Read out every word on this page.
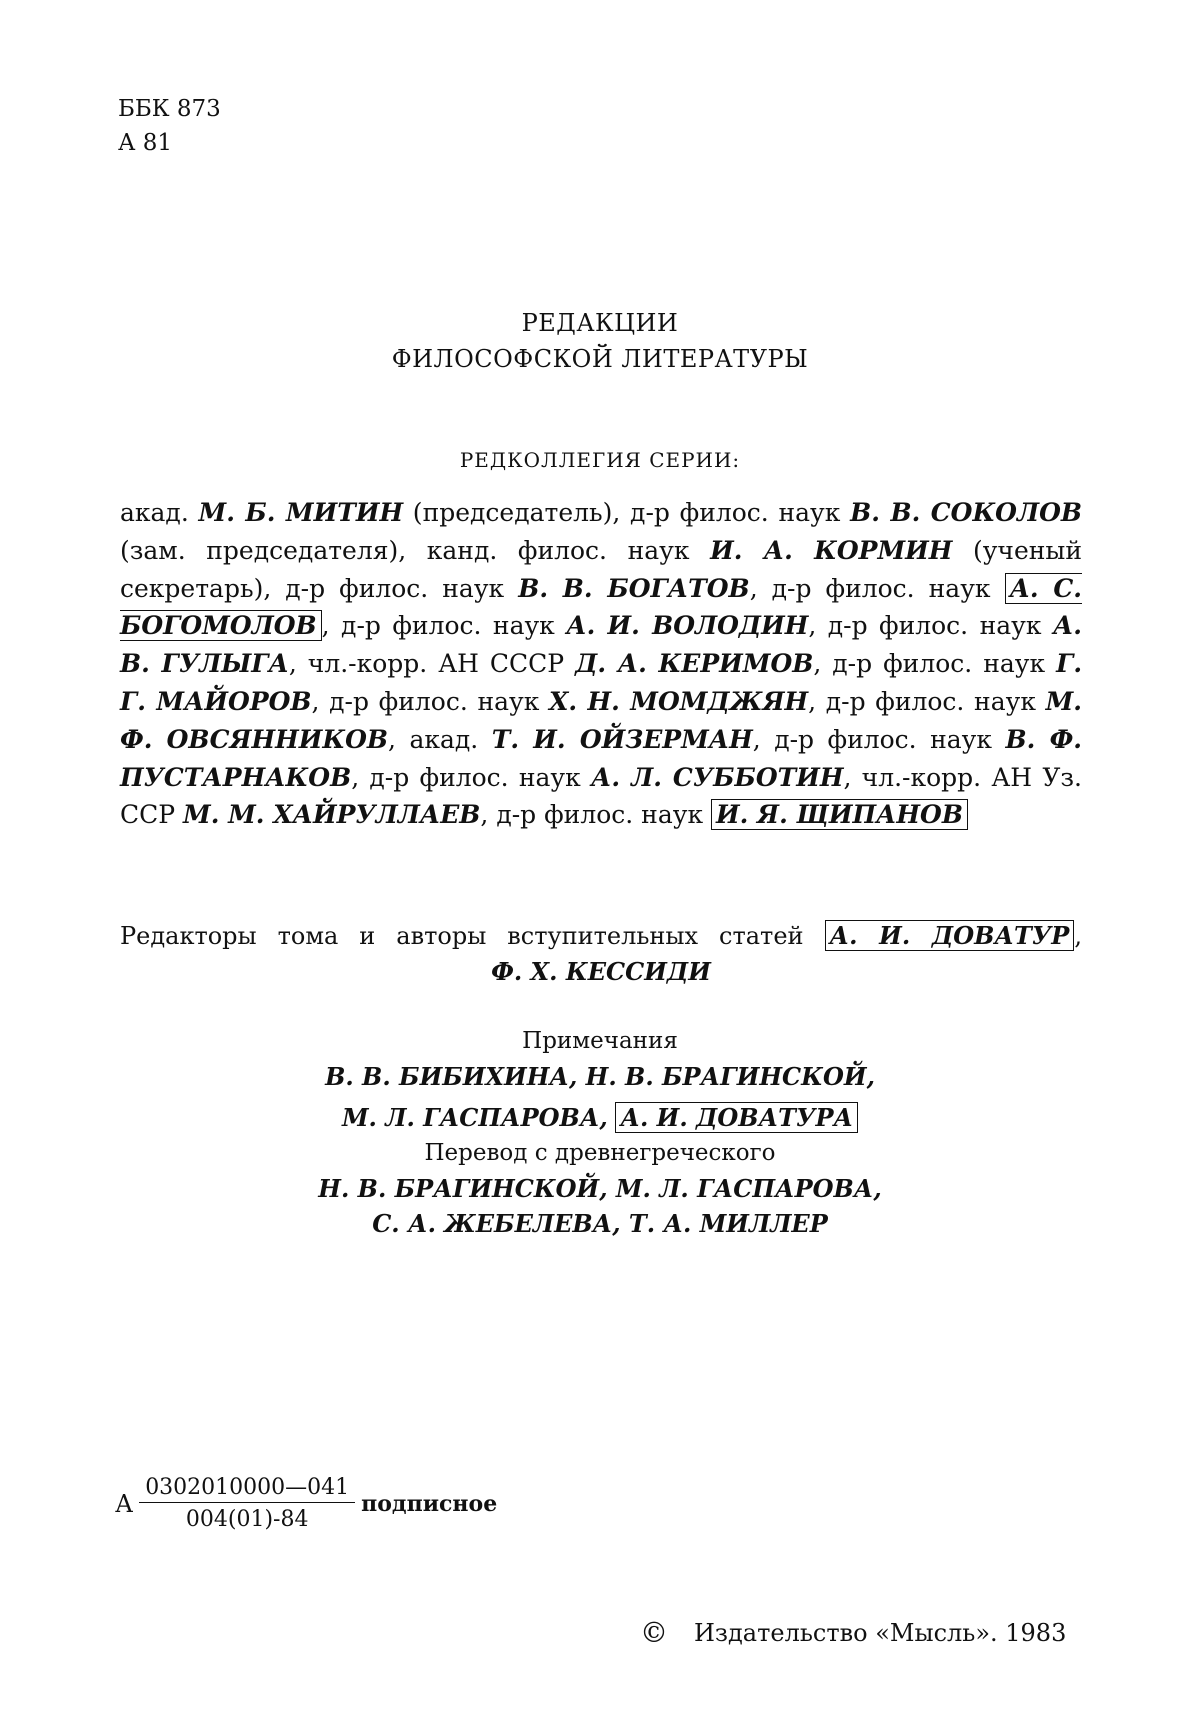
ББК 873
А 81
РЕДАКЦИИ
ФИЛОСОФСКОЙ ЛИТЕРАТУРЫ
РЕДКОЛЛЕГИЯ СЕРИИ:
акад. М. Б. МИТИН (председатель), д-р филос. наук В. В. СОКОЛОВ (зам. председателя), канд. филос. наук И. А. КОРМИН (ученый секретарь), д-р филос. наук В. В. БОГАТОВ, д-р филос. наук А. С. БОГОМОЛОВ , д-р филос. наук А. И. ВОЛОДИН, д-р филос. наук А. В. ГУЛЫГА, чл.-корр. АН СССР Д. А. КЕРИМОВ, д-р филос. наук Г. Г. МАЙОРОВ, д-р филос. наук Х. Н. МОМДЖЯН, д-р филос. наук М. Ф. ОВСЯННИКОВ, акад. Т. И. ОЙЗЕРМАН, д-р филос. наук В. Ф. ПУСТАРНАКОВ, д-р филос. наук А. Л. СУББОТИН, чл.-корр. АН Уз. ССР М. М. ХАЙРУЛЛАЕВ, д-р филос. наук И. Я. ЩИПАНОВ
Редакторы тома и авторы вступительных статей А. И. ДОВАТУР ,
Ф. Х. КЕССИДИ
Примечания
В. В. БИБИХИНА, Н. В. БРАГИНСКОЙ,
М. Л. ГАСПАРОВА, А. И. ДОВАТУРА
Перевод с древнегреческого
Н. В. БРАГИНСКОЙ, М. Л. ГАСПАРОВА,
С. А. ЖЕБЕЛЕВА, Т. А. МИЛЛЕР
А $\frac{0302010000—041}{004(01)-84}$ подписное
© Издательство «Мысль». 1983
